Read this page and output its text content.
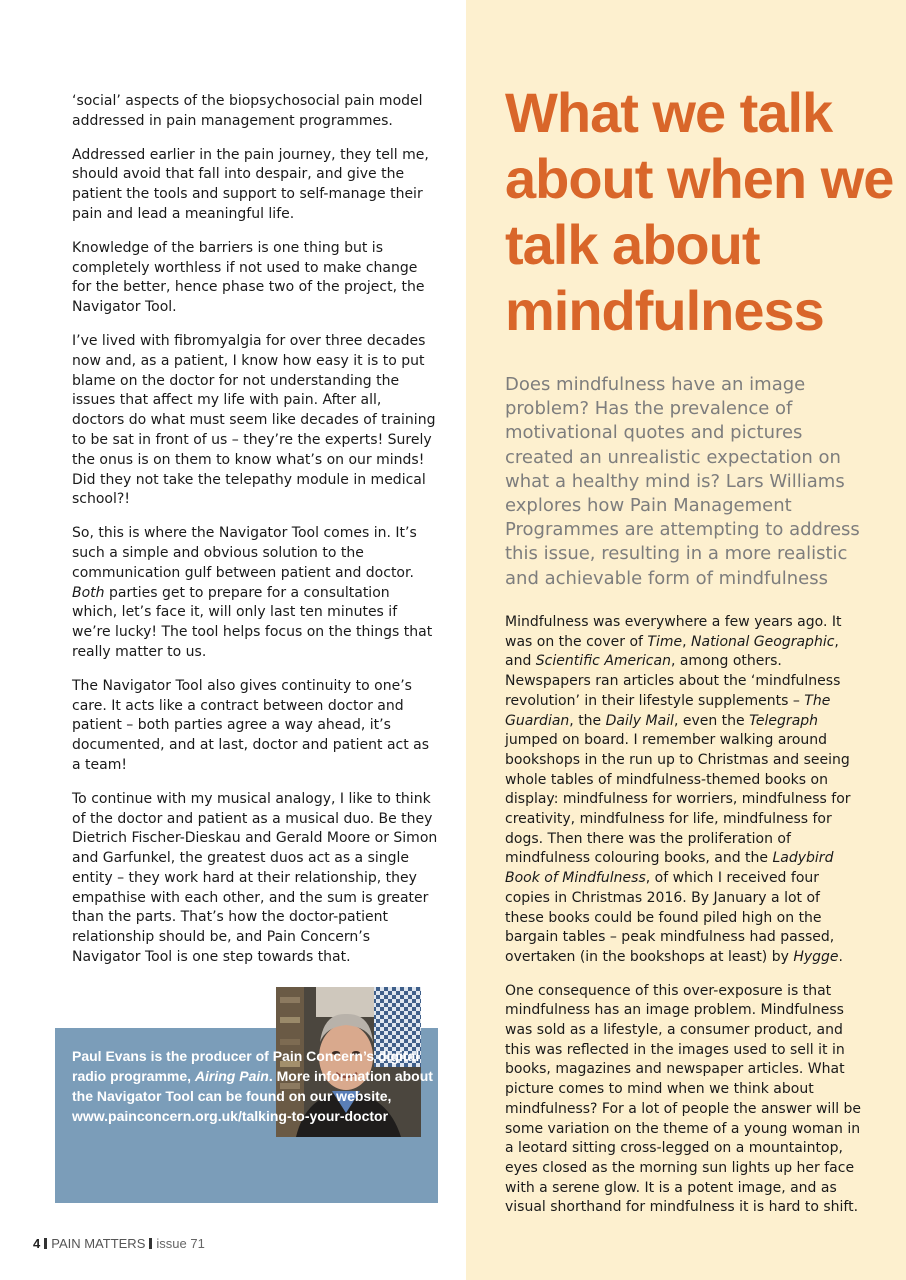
‘social’ aspects of the biopsychosocial pain model addressed in pain management programmes.

Addressed earlier in the pain journey, they tell me, should avoid that fall into despair, and give the patient the tools and support to self-manage their pain and lead a meaningful life.

Knowledge of the barriers is one thing but is completely worthless if not used to make change for the better, hence phase two of the project, the Navigator Tool.

I’ve lived with fibromyalgia for over three decades now and, as a patient, I know how easy it is to put blame on the doctor for not understanding the issues that affect my life with pain. After all, doctors do what must seem like decades of training to be sat in front of us – they’re the experts! Surely the onus is on them to know what’s on our minds! Did they not take the telepathy module in medical school?!

So, this is where the Navigator Tool comes in. It’s such a simple and obvious solution to the communication gulf between patient and doctor. Both parties get to prepare for a consultation which, let’s face it, will only last ten minutes if we’re lucky! The tool helps focus on the things that really matter to us.

The Navigator Tool also gives continuity to one’s care. It acts like a contract between doctor and patient – both parties agree a way ahead, it’s documented, and at last, doctor and patient act as a team!

To continue with my musical analogy, I like to think of the doctor and patient as a musical duo. Be they Dietrich Fischer-Dieskau and Gerald Moore or Simon and Garfunkel, the greatest duos act as a single entity – they work hard at their relationship, they empathise with each other, and the sum is greater than the parts. That’s how the doctor-patient relationship should be, and Pain Concern’s Navigator Tool is one step towards that.

Paul Evans is the producer of Pain Concern’s digital radio programme, Airing Pain. More information about the Navigator Tool can be found on our website, www.painconcern.org.uk/talking-to-your-doctor

What we talk about when we talk about mindfulness

Does mindfulness have an image problem? Has the prevalence of motivational quotes and pictures created an unrealistic expectation on what a healthy mind is? Lars Williams explores how Pain Management Programmes are attempting to address this issue, resulting in a more realistic and achievable form of mindfulness

Mindfulness was everywhere a few years ago. It was on the cover of Time, National Geographic, and Scientific American, among others. Newspapers ran articles about the ‘mindfulness revolution’ in their lifestyle supplements – The Guardian, the Daily Mail, even the Telegraph jumped on board. I remember walking around bookshops in the run up to Christmas and seeing whole tables of mindfulness-themed books on display: mindfulness for worriers, mindfulness for creativity, mindfulness for life, mindfulness for dogs. Then there was the proliferation of mindfulness colouring books, and the Ladybird Book of Mindfulness, of which I received four copies in Christmas 2016. By January a lot of these books could be found piled high on the bargain tables – peak mindfulness had passed, overtaken (in the bookshops at least) by Hygge.

One consequence of this over-exposure is that mindfulness has an image problem. Mindfulness was sold as a lifestyle, a consumer product, and this was reflected in the images used to sell it in books, magazines and newspaper articles. What picture comes to mind when we think about mindfulness? For a lot of people the answer will be some variation on the theme of a young woman in a leotard sitting cross-legged on a mountaintop, eyes closed as the morning sun lights up her face with a serene glow. It is a potent image, and as visual shorthand for mindfulness it is hard to shift.

4 PAIN MATTERS issue 71
